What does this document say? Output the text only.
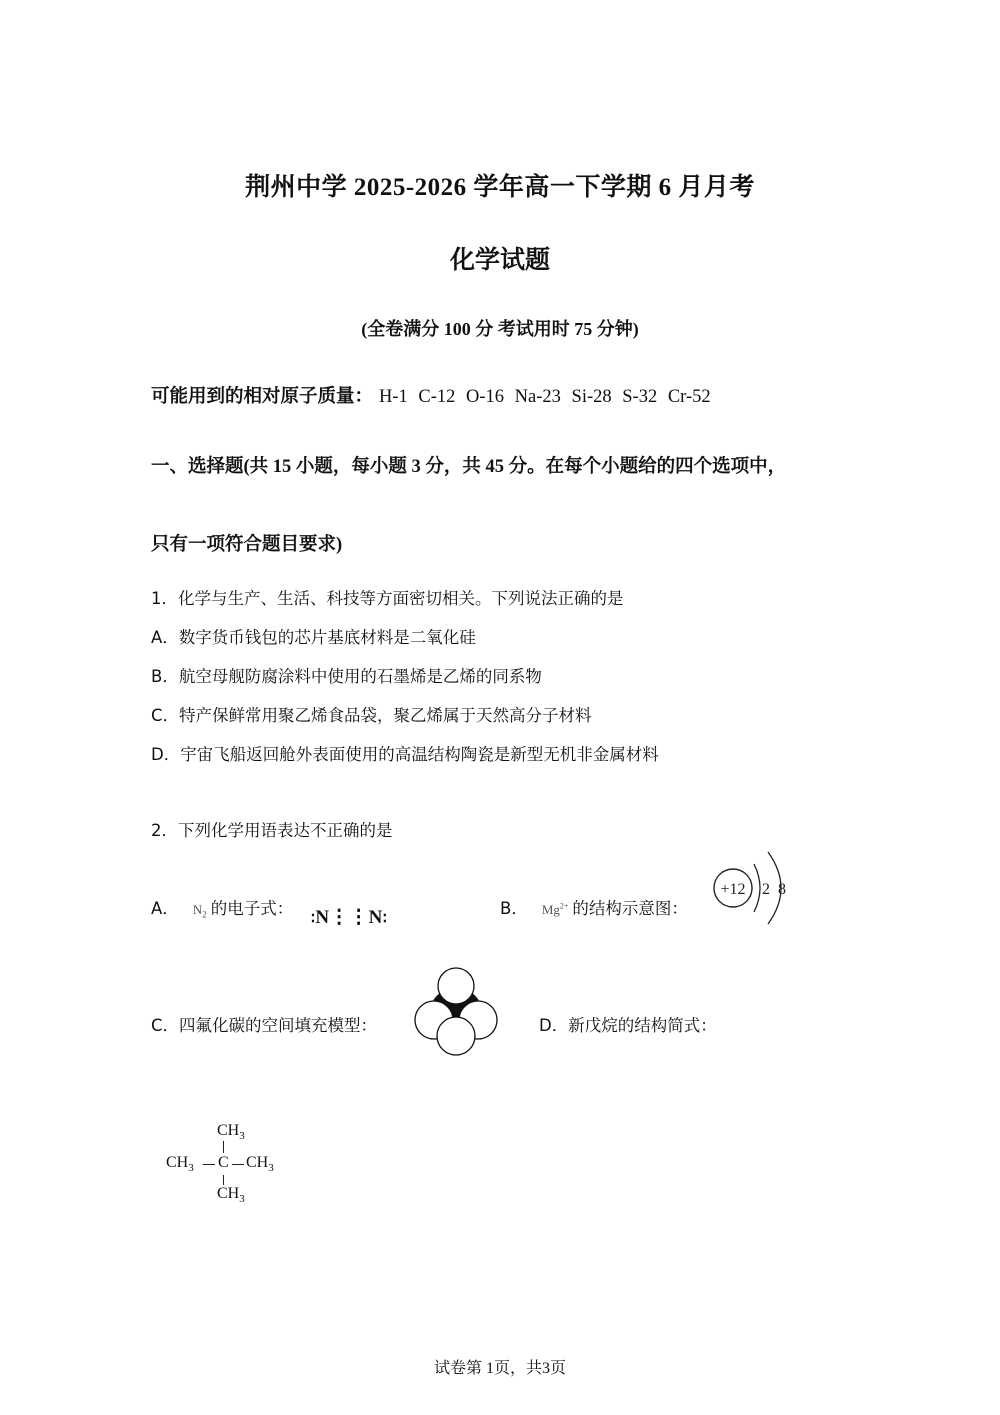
荆州中学 2025-2026 学年高一下学期 6 月月考
化学试题
(全卷满分 100 分 考试用时 75 分钟)
可能用到的相对原子质量： H-1 C-12 O-16 Na-23 Si-28 S-32 Cr-52
一、选择题(共 15 小题，每小题 3 分，共 45 分。在每个小题给的四个选项中，
只有一项符合题目要求)
1．化学与生产、生活、科技等方面密切相关。下列说法正确的是
A．数字货币钱包的芯片基底材料是二氧化硅
B．航空母舰防腐涂料中使用的石墨烯是乙烯的同系物
C．特产保鲜常用聚乙烯食品袋，聚乙烯属于天然高分子材料
D．宇宙飞船返回舱外表面使用的高温结构陶瓷是新型无机非金属材料
2．下列化学用语表达不正确的是
A． $N_2$ 的电子式：
∶N⋮⋮N∶
B． $Mg^{2+}$ 的结构示意图：
+12 2 8
C．四氟化碳的空间填充模型：	D．新戊烷的结构简式：
$CH_3$
$CH_3$ C $CH_3$
$CH_3$
试卷第 1页，共3页
